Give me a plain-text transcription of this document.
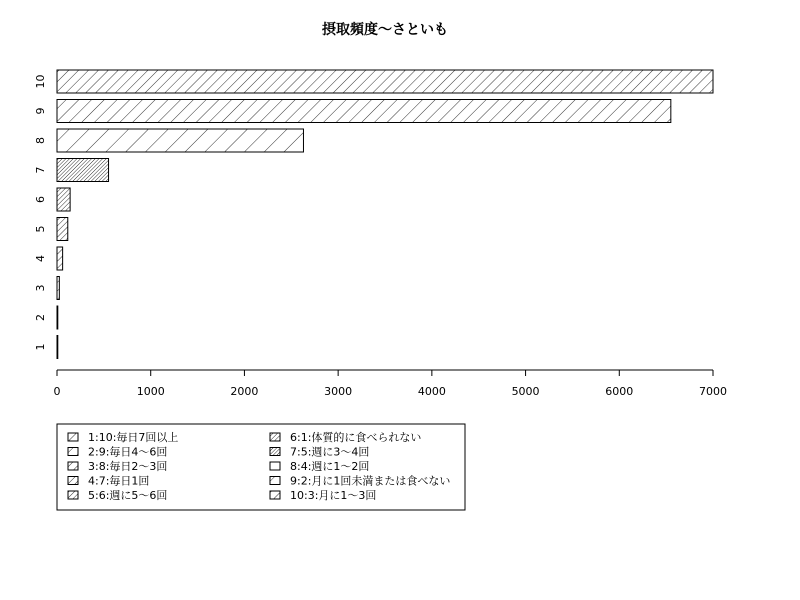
摂取頻度〜さといも
1
2
3
4
5
6
7
8
9
10
0	1000	2000	3000	4000	5000	6000	7000
1:10:毎日7回以上
2:9:毎日4〜6回
3:8:毎日2〜3回
4:7:毎日1回
5:6:週に5〜6回
6:1:体質的に食べられない
7:5:週に3〜4回
8:4:週に1〜2回
9:2:月に1回未満または食べない
10:3:月に1〜3回
